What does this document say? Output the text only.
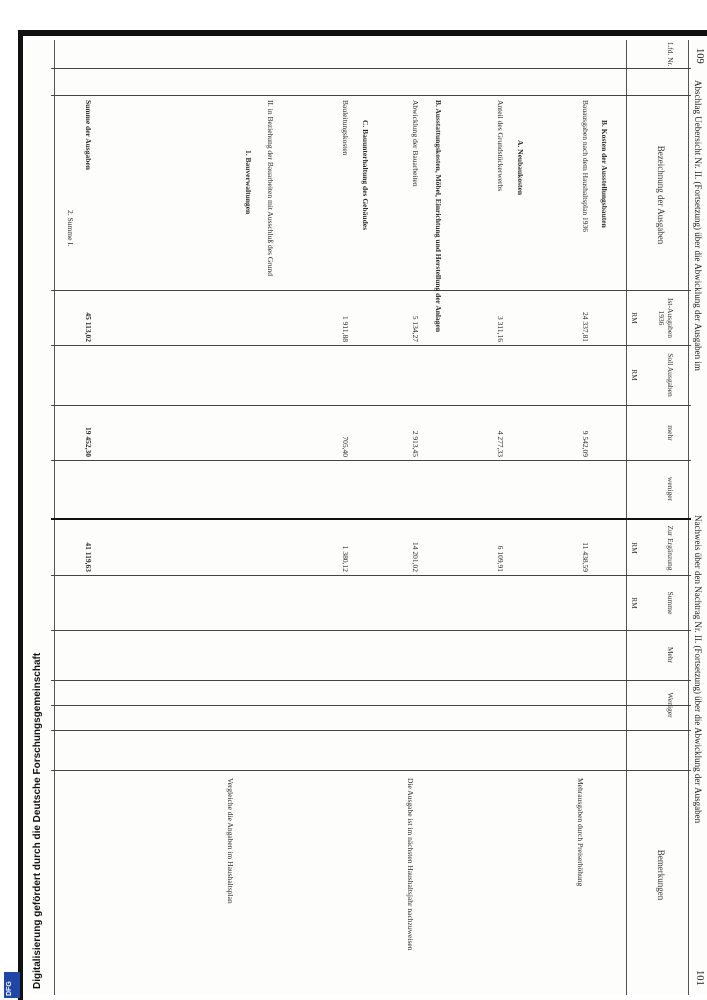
109
Abschlag Uebersicht Nr. II. (Fortsetzung) über die Abwicklung der Ausgaben im
Nachweis über den Nachtrag Nr. II. (Fortsetzung) über die Abwicklung der Ausgaben
101
Lfd. Nr.
Bezeichnung der Ausgaben
Ist-Ausgaben 1936
Soll Ausgaben
mehr
weniger
Zur Ergänzung
Summe
Mehr
Weniger
Bemerkungen
RM
RM
RM
RM
B. Kosten der Ausstellungsbauten
A. Neubaukosten
B. Ausstattungskosten, Möbel, Einrichtung und Herstellung der Anlagen
C. Bauunterhaltung des Gebäudes
II. in Beziehung der Bauarbeiten mit Ausschluß des Grund
1. Bauverwaltungen
2. Summe I.	Bauausgaben nach dem Haushaltsplan 1936
24 337,81
9 542,09
11 438,59
Anteil des Grundstückerwerbs
3 311,16
4 277,33
6 109,91
Abwicklung der Bauarbeiten
5 134,27
2 913,45
14 201,02
Bauleitungskosten
1 911,88
705,40
1 380,12
Summe der Ausgaben
45 113,02
19 452,30
41 119,63
Mehrausgaben durch Preiserhöhung
Die Ausgabe ist im nächsten Haushaltsjahr nachzuweisen
Vergleiche die Angaben im Haushaltsplan
Digitalisierung gefördert durch die Deutsche Forschungsgemeinschaft
DFG
